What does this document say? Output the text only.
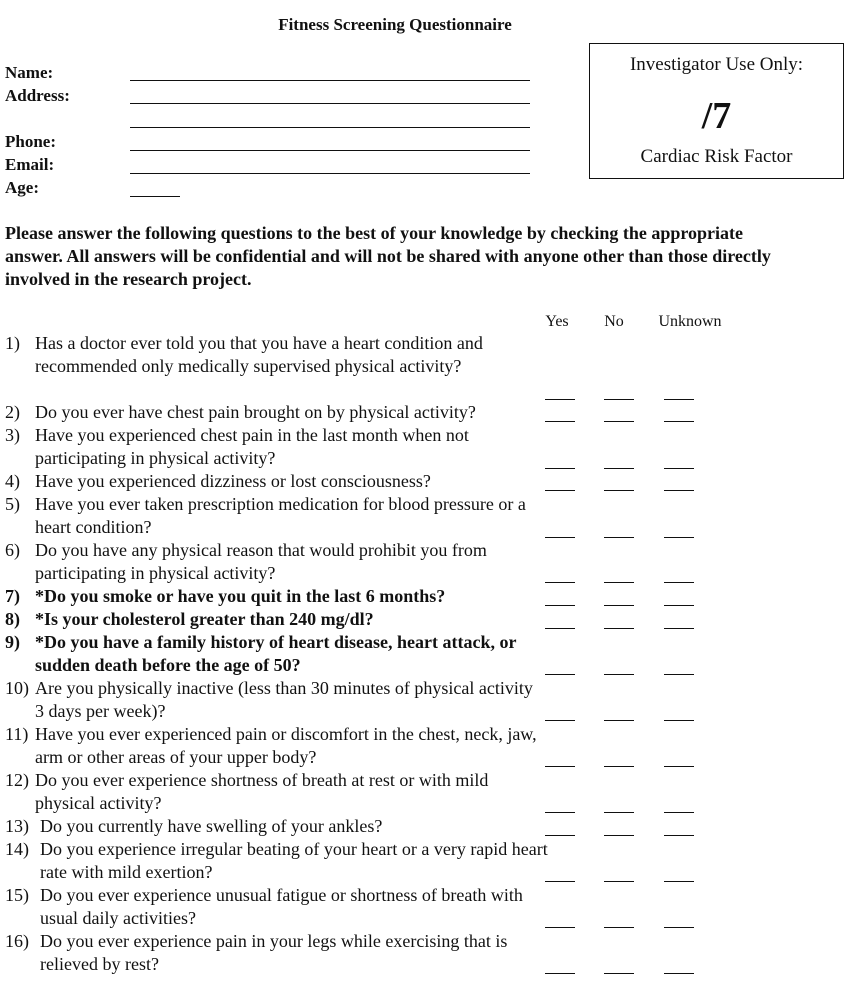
Fitness Screening Questionnaire
Name:
Address:
Phone:
Email:
Age:
Investigator Use Only:
/7
Cardiac Risk Factor
Please answer the following questions to the best of your knowledge by checking the appropriate answer. All answers will be confidential and will not be shared with anyone other than those directly involved in the research project.
Yes	No	Unknown
1) Has a doctor ever told you that you have a heart condition and recommended only medically supervised physical activity?
2) Do you ever have chest pain brought on by physical activity?
3) Have you experienced chest pain in the last month when not participating in physical activity?
4) Have you experienced dizziness or lost consciousness?
5) Have you ever taken prescription medication for blood pressure or a heart condition?
6) Do you have any physical reason that would prohibit you from participating in physical activity?
7) *Do you smoke or have you quit in the last 6 months?
8) *Is your cholesterol greater than 240 mg/dl?
9) *Do you have a family history of heart disease, heart attack, or sudden death before the age of 50?
10) Are you physically inactive (less than 30 minutes of physical activity 3 days per week)?
11) Have you ever experienced pain or discomfort in the chest, neck, jaw, arm or other areas of your upper body?
12) Do you ever experience shortness of breath at rest or with mild physical activity?
13) Do you currently have swelling of your ankles?
14) Do you experience irregular beating of your heart or a very rapid heart rate with mild exertion?
15) Do you ever experience unusual fatigue or shortness of breath with usual daily activities?
16) Do you ever experience pain in your legs while exercising that is relieved by rest?
